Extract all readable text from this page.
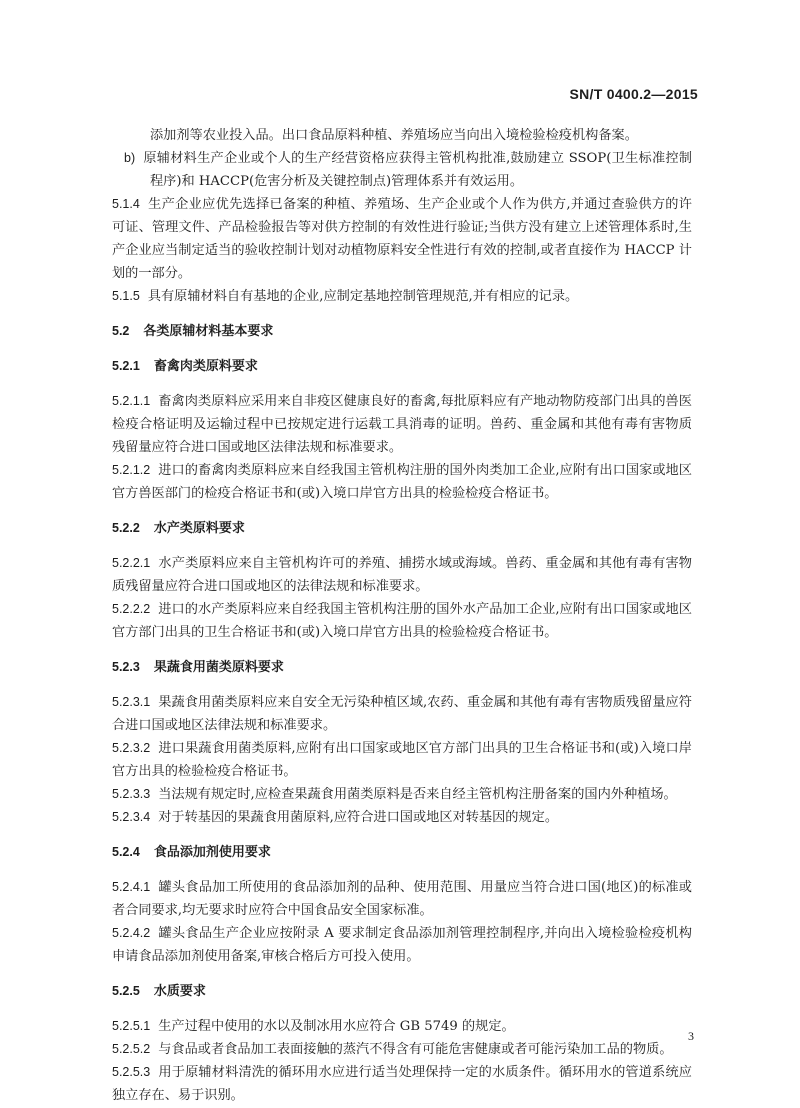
SN/T 0400.2—2015

添加剂等农业投入品。出口食品原料种植、养殖场应当向出入境检验检疫机构备案。

b) 原辅材料生产企业或个人的生产经营资格应获得主管机构批准,鼓励建立 SSOP(卫生标准控制程序)和 HACCP(危害分析及关键控制点)管理体系并有效运用。

5.1.4 生产企业应优先选择已备案的种植、养殖场、生产企业或个人作为供方,并通过查验供方的许可证、管理文件、产品检验报告等对供方控制的有效性进行验证;当供方没有建立上述管理体系时,生产企业应当制定适当的验收控制计划对动植物原料安全性进行有效的控制,或者直接作为 HACCP 计划的一部分。

5.1.5 具有原辅材料自有基地的企业,应制定基地控制管理规范,并有相应的记录。

5.2 各类原辅材料基本要求

5.2.1 畜禽肉类原料要求

5.2.1.1 畜禽肉类原料应采用来自非疫区健康良好的畜禽,每批原料应有产地动物防疫部门出具的兽医检疫合格证明及运输过程中已按规定进行运载工具消毒的证明。兽药、重金属和其他有毒有害物质残留量应符合进口国或地区法律法规和标准要求。

5.2.1.2 进口的畜禽肉类原料应来自经我国主管机构注册的国外肉类加工企业,应附有出口国家或地区官方兽医部门的检疫合格证书和(或)入境口岸官方出具的检验检疫合格证书。

5.2.2 水产类原料要求

5.2.2.1 水产类原料应来自主管机构许可的养殖、捕捞水域或海域。兽药、重金属和其他有毒有害物质残留量应符合进口国或地区的法律法规和标准要求。

5.2.2.2 进口的水产类原料应来自经我国主管机构注册的国外水产品加工企业,应附有出口国家或地区官方部门出具的卫生合格证书和(或)入境口岸官方出具的检验检疫合格证书。

5.2.3 果蔬食用菌类原料要求

5.2.3.1 果蔬食用菌类原料应来自安全无污染种植区域,农药、重金属和其他有毒有害物质残留量应符合进口国或地区法律法规和标准要求。

5.2.3.2 进口果蔬食用菌类原料,应附有出口国家或地区官方部门出具的卫生合格证书和(或)入境口岸官方出具的检验检疫合格证书。

5.2.3.3 当法规有规定时,应检查果蔬食用菌类原料是否来自经主管机构注册备案的国内外种植场。

5.2.3.4 对于转基因的果蔬食用菌原料,应符合进口国或地区对转基因的规定。

5.2.4 食品添加剂使用要求

5.2.4.1 罐头食品加工所使用的食品添加剂的品种、使用范围、用量应当符合进口国(地区)的标准或者合同要求,均无要求时应符合中国食品安全国家标准。

5.2.4.2 罐头食品生产企业应按附录 A 要求制定食品添加剂管理控制程序,并向出入境检验检疫机构申请食品添加剂使用备案,审核合格后方可投入使用。

5.2.5 水质要求

5.2.5.1 生产过程中使用的水以及制冰用水应符合 GB 5749 的规定。

5.2.5.2 与食品或者食品加工表面接触的蒸汽不得含有可能危害健康或者可能污染加工品的物质。

5.2.5.3 用于原辅材料清洗的循环用水应进行适当处理保持一定的水质条件。循环用水的管道系统应独立存在、易于识别。

3
